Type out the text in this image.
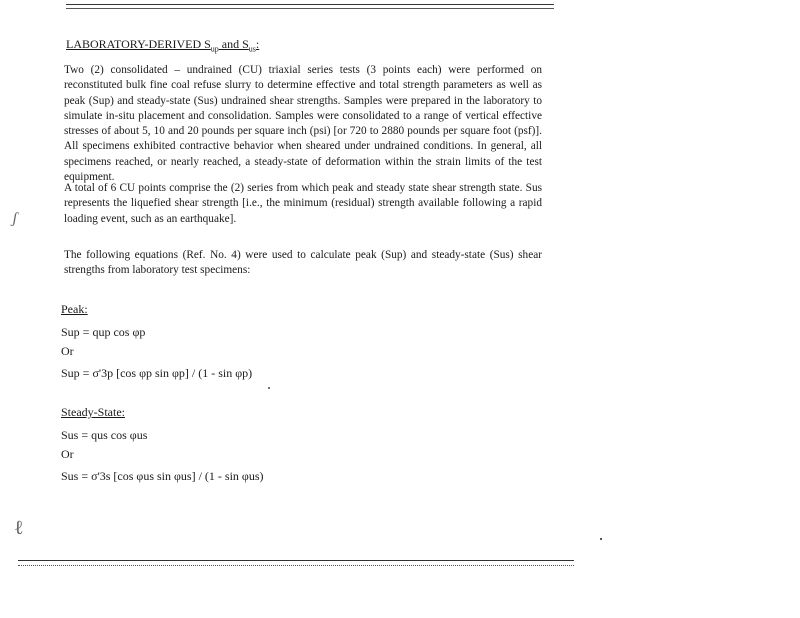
LABORATORY-DERIVED $S_{up}$ and $S_{us}$:
Two (2) consolidated – undrained (CU) triaxial series tests (3 points each) were performed on reconstituted bulk fine coal refuse slurry to determine effective and total strength parameters as well as peak (Sup) and steady-state (Sus) undrained shear strengths. Samples were prepared in the laboratory to simulate in-situ placement and consolidation. Samples were consolidated to a range of vertical effective stresses of about 5, 10 and 20 pounds per square inch (psi) [or 720 to 2880 pounds per square foot (psf)]. All specimens exhibited contractive behavior when sheared under undrained conditions. In general, all specimens reached, or nearly reached, a steady-state of deformation within the strain limits of the test equipment.
A total of 6 CU points comprise the (2) series from which peak and steady state shear strength state. Sus represents the liquefied shear strength [i.e., the minimum (residual) strength available following a rapid loading event, such as an earthquake].
The following equations (Ref. No. 4) were used to calculate peak (Sup) and steady-state (Sus) shear strengths from laboratory test specimens:
Peak:
Sup = qup cos φp
Or
Sup = σ'3p [cos φp sin φp] / (1 - sin φp)
Steady-State:
Sus = qus cos φus
Or
Sus = σ'3s [cos φus sin φus] / (1 - sin φus)
ʃ
ℓ
